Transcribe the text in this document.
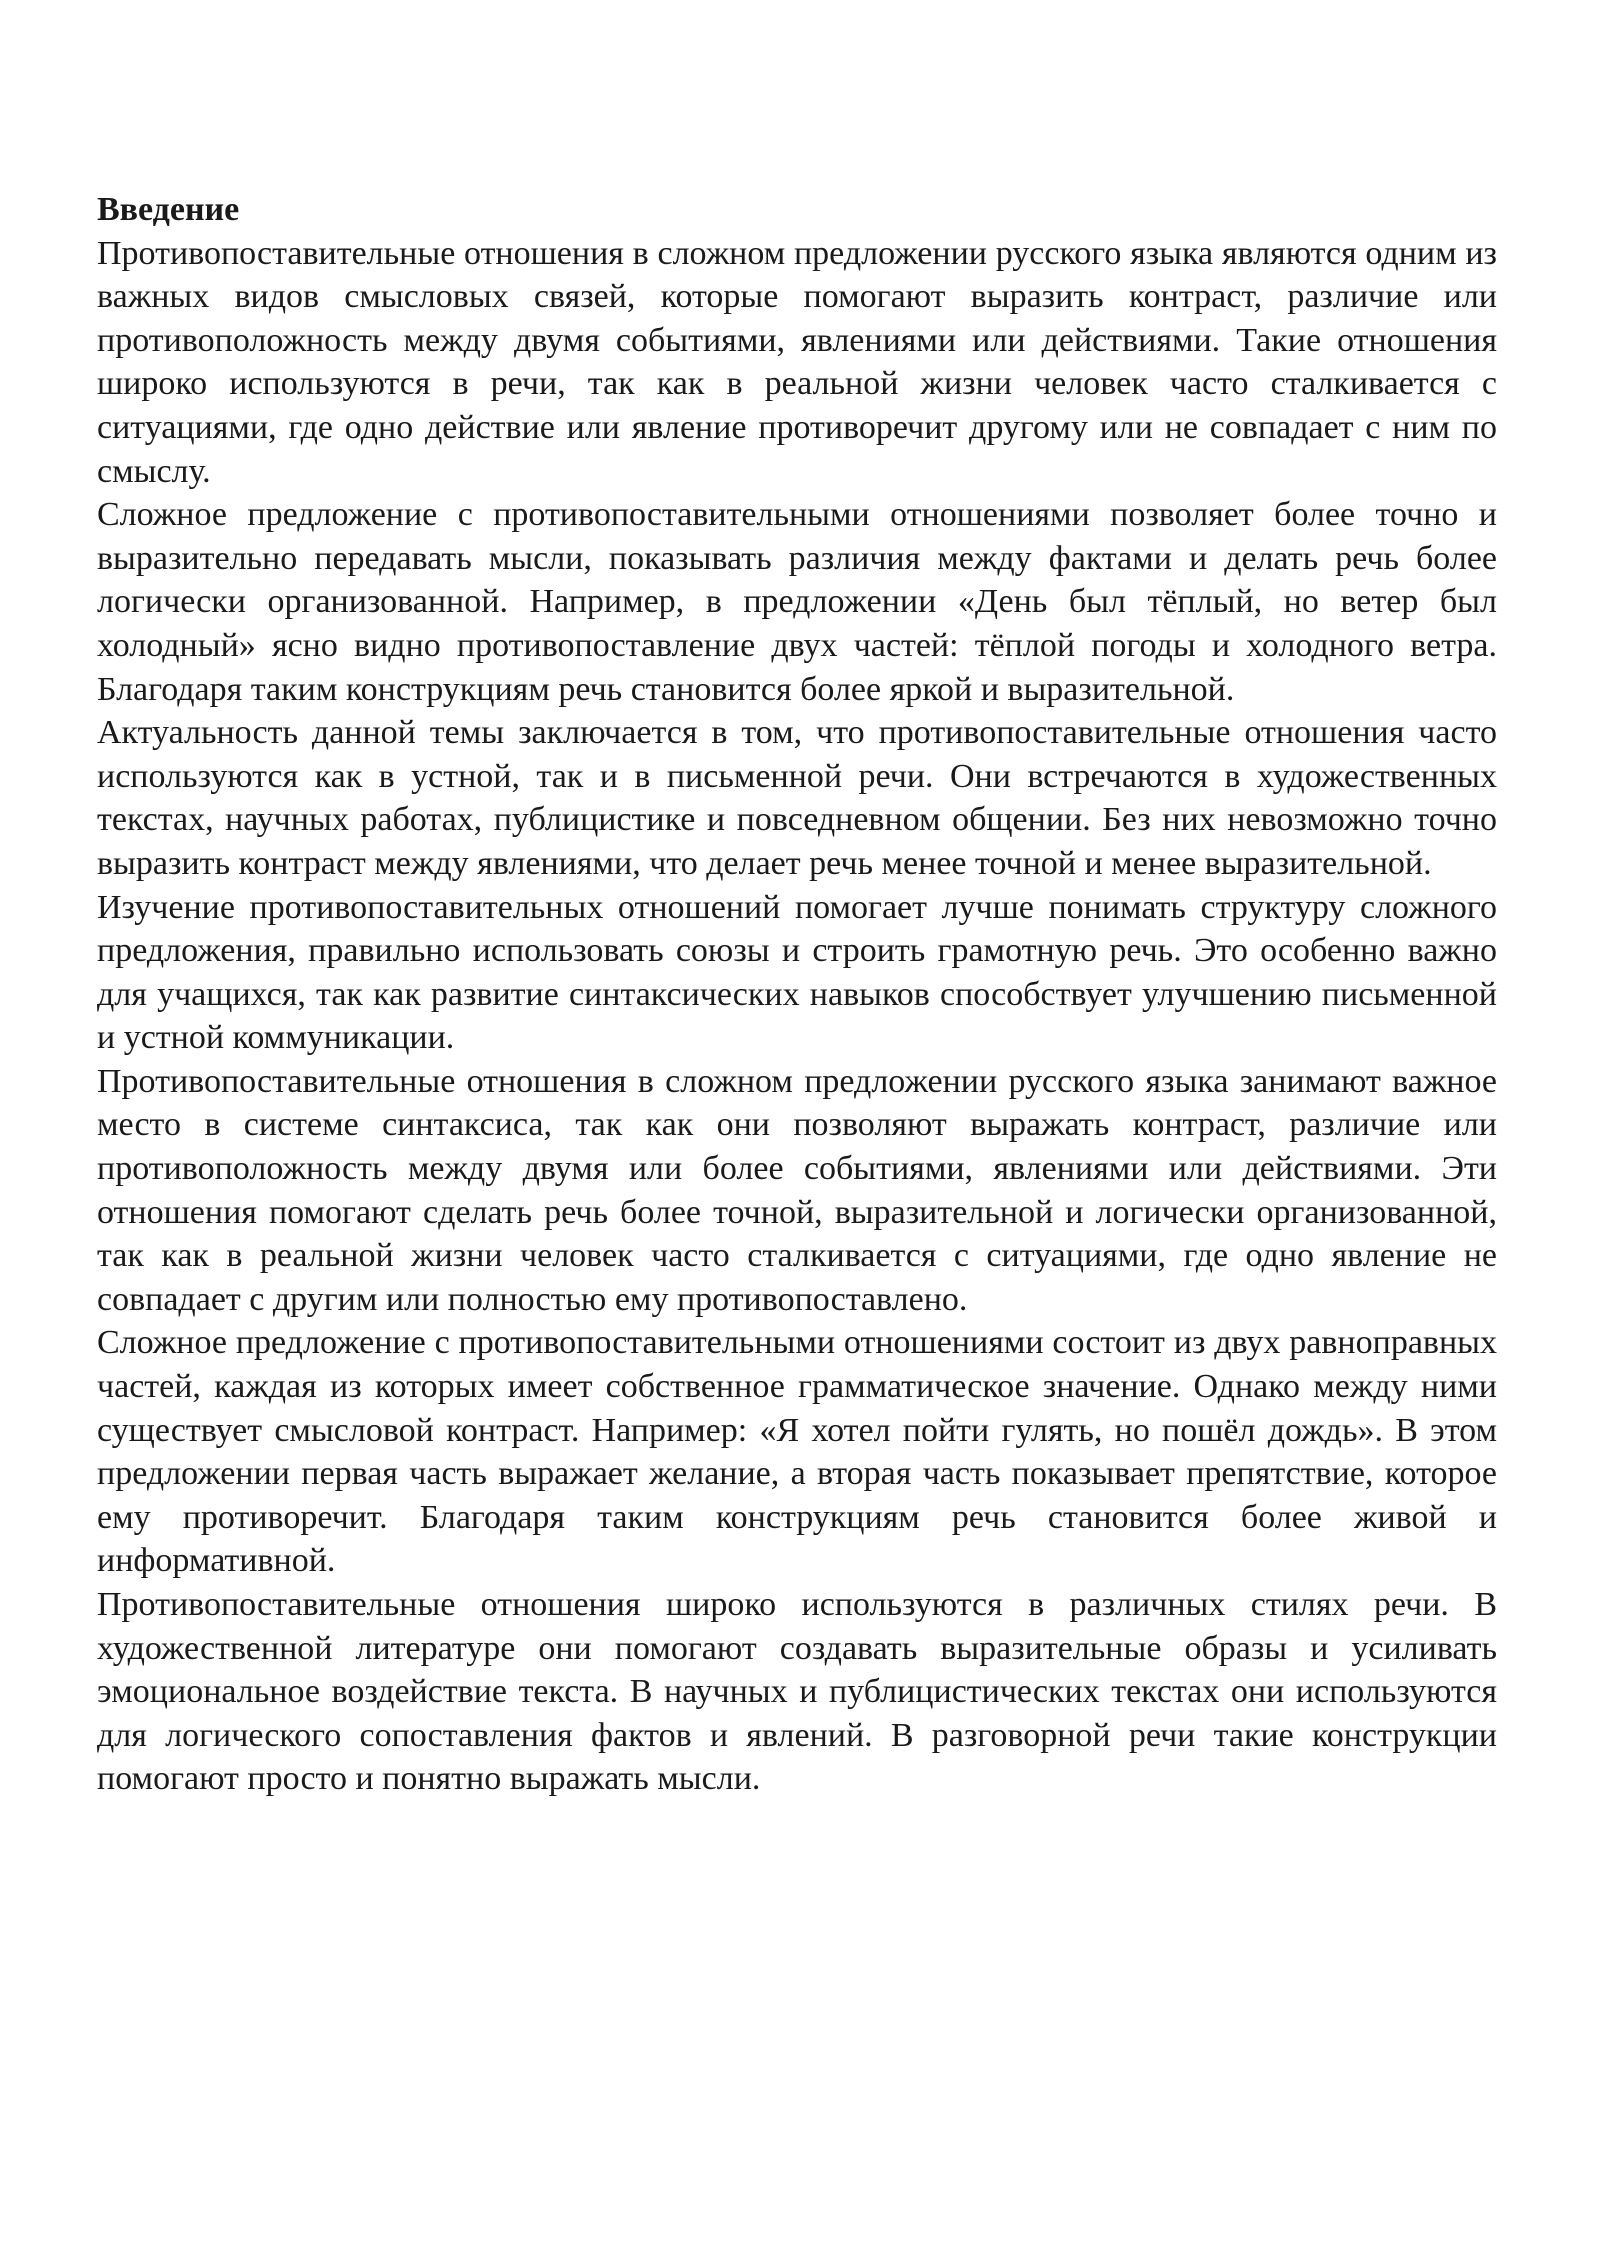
Введение

Противопоставительные отношения в сложном предложении русского языка являются одним из важных видов смысловых связей, которые помогают выразить контраст, различие или противоположность между двумя событиями, явлениями или действиями. Такие отношения широко используются в речи, так как в реальной жизни человек часто сталкивается с ситуациями, где одно действие или явление противоречит другому или не совпадает с ним по смыслу.

Сложное предложение с противопоставительными отношениями позволяет более точно и выразительно передавать мысли, показывать различия между фактами и делать речь более логически организованной. Например, в предложении «День был тёплый, но ветер был холодный» ясно видно противопоставление двух частей: тёплой погоды и холодного ветра. Благодаря таким конструкциям речь становится более яркой и выразительной.

Актуальность данной темы заключается в том, что противопоставительные отношения часто используются как в устной, так и в письменной речи. Они встречаются в художественных текстах, научных работах, публицистике и повседневном общении. Без них невозможно точно выразить контраст между явлениями, что делает речь менее точной и менее выразительной.

Изучение противопоставительных отношений помогает лучше понимать структуру сложного предложения, правильно использовать союзы и строить грамотную речь. Это особенно важно для учащихся, так как развитие синтаксических навыков способствует улучшению письменной и устной коммуникации.

Противопоставительные отношения в сложном предложении русского языка занимают важное место в системе синтаксиса, так как они позволяют выражать контраст, различие или противоположность между двумя или более событиями, явлениями или действиями. Эти отношения помогают сделать речь более точной, выразительной и логически организованной, так как в реальной жизни человек часто сталкивается с ситуациями, где одно явление не совпадает с другим или полностью ему противопоставлено.

Сложное предложение с противопоставительными отношениями состоит из двух равноправных частей, каждая из которых имеет собственное грамматическое значение. Однако между ними существует смысловой контраст. Например: «Я хотел пойти гулять, но пошёл дождь». В этом предложении первая часть выражает желание, а вторая часть показывает препятствие, которое ему противоречит. Благодаря таким конструкциям речь становится более живой и информативной.

Противопоставительные отношения широко используются в различных стилях речи. В художественной литературе они помогают создавать выразительные образы и усиливать эмоциональное воздействие текста. В научных и публицистических текстах они используются для логического сопоставления фактов и явлений. В разговорной речи такие конструкции помогают просто и понятно выражать мысли.
